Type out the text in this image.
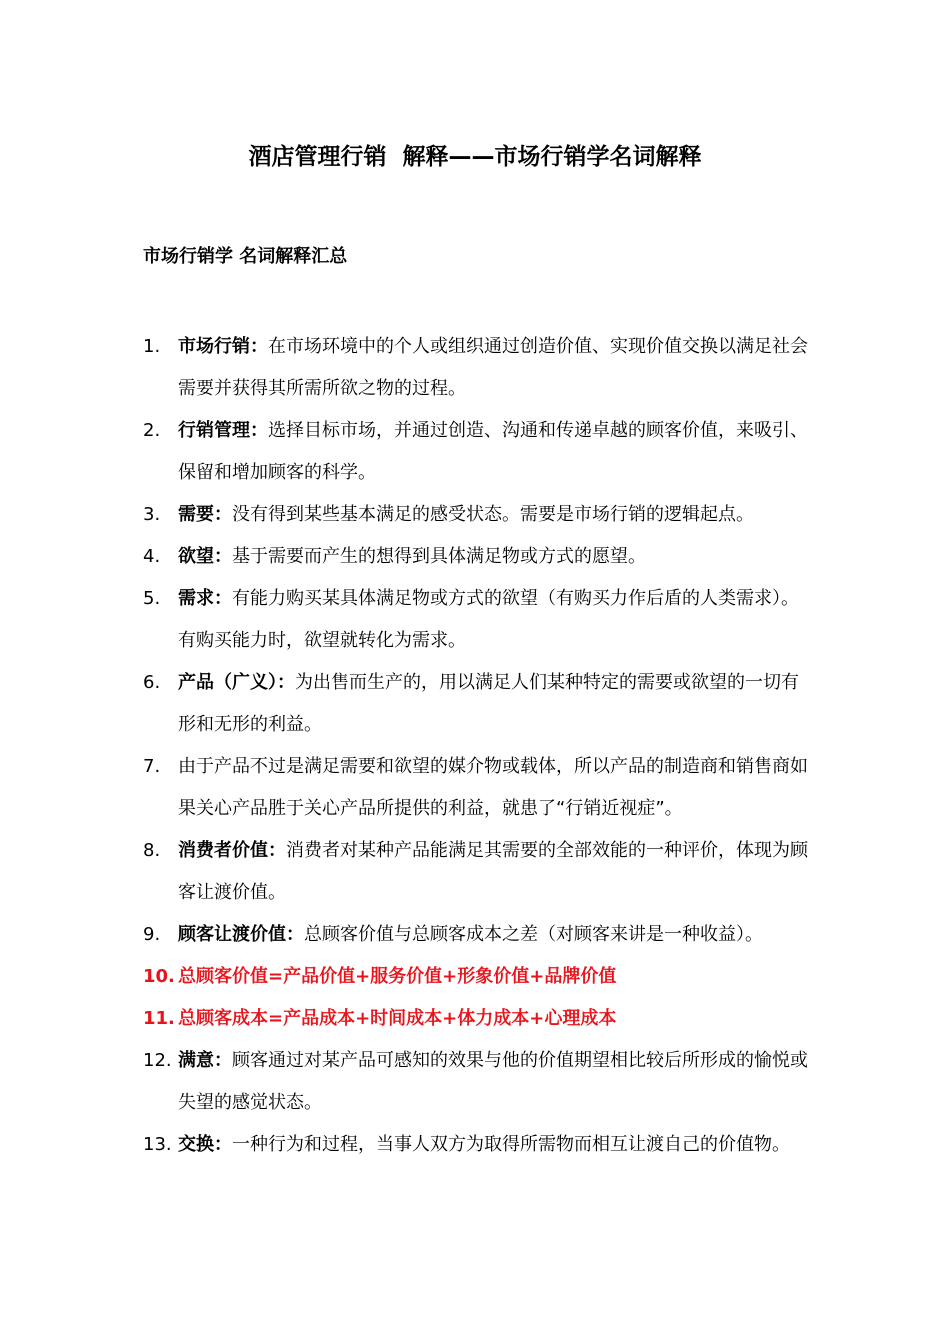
酒店管理行销  解释——市场行销学名词解释
市场行销学 名词解释汇总
1. 市场行销：在市场环境中的个人或组织通过创造价值、实现价值交换以满足社会需要并获得其所需所欲之物的过程。
2. 行销管理：选择目标市场，并通过创造、沟通和传递卓越的顾客价值，来吸引、保留和增加顾客的科学。
3. 需要：没有得到某些基本满足的感受状态。需要是市场行销的逻辑起点。
4. 欲望：基于需要而产生的想得到具体满足物或方式的愿望。
5. 需求：有能力购买某具体满足物或方式的欲望（有购买力作后盾的人类需求）。有购买能力时，欲望就转化为需求。
6. 产品（广义）：为出售而生产的，用以满足人们某种特定的需要或欲望的一切有形和无形的利益。
7. 由于产品不过是满足需要和欲望的媒介物或载体，所以产品的制造商和销售商如果关心产品胜于关心产品所提供的利益，就患了“行销近视症”。
8. 消费者价值：消费者对某种产品能满足其需要的全部效能的一种评价，体现为顾客让渡价值。
9. 顾客让渡价值：总顾客价值与总顾客成本之差（对顾客来讲是一种收益）。
10. 总顾客价值=产品价值+服务价值+形象价值+品牌价值
11. 总顾客成本=产品成本+时间成本+体力成本+心理成本
12. 满意：顾客通过对某产品可感知的效果与他的价值期望相比较后所形成的愉悦或失望的感觉状态。
13. 交换：一种行为和过程，当事人双方为取得所需物而相互让渡自己的价值物。
